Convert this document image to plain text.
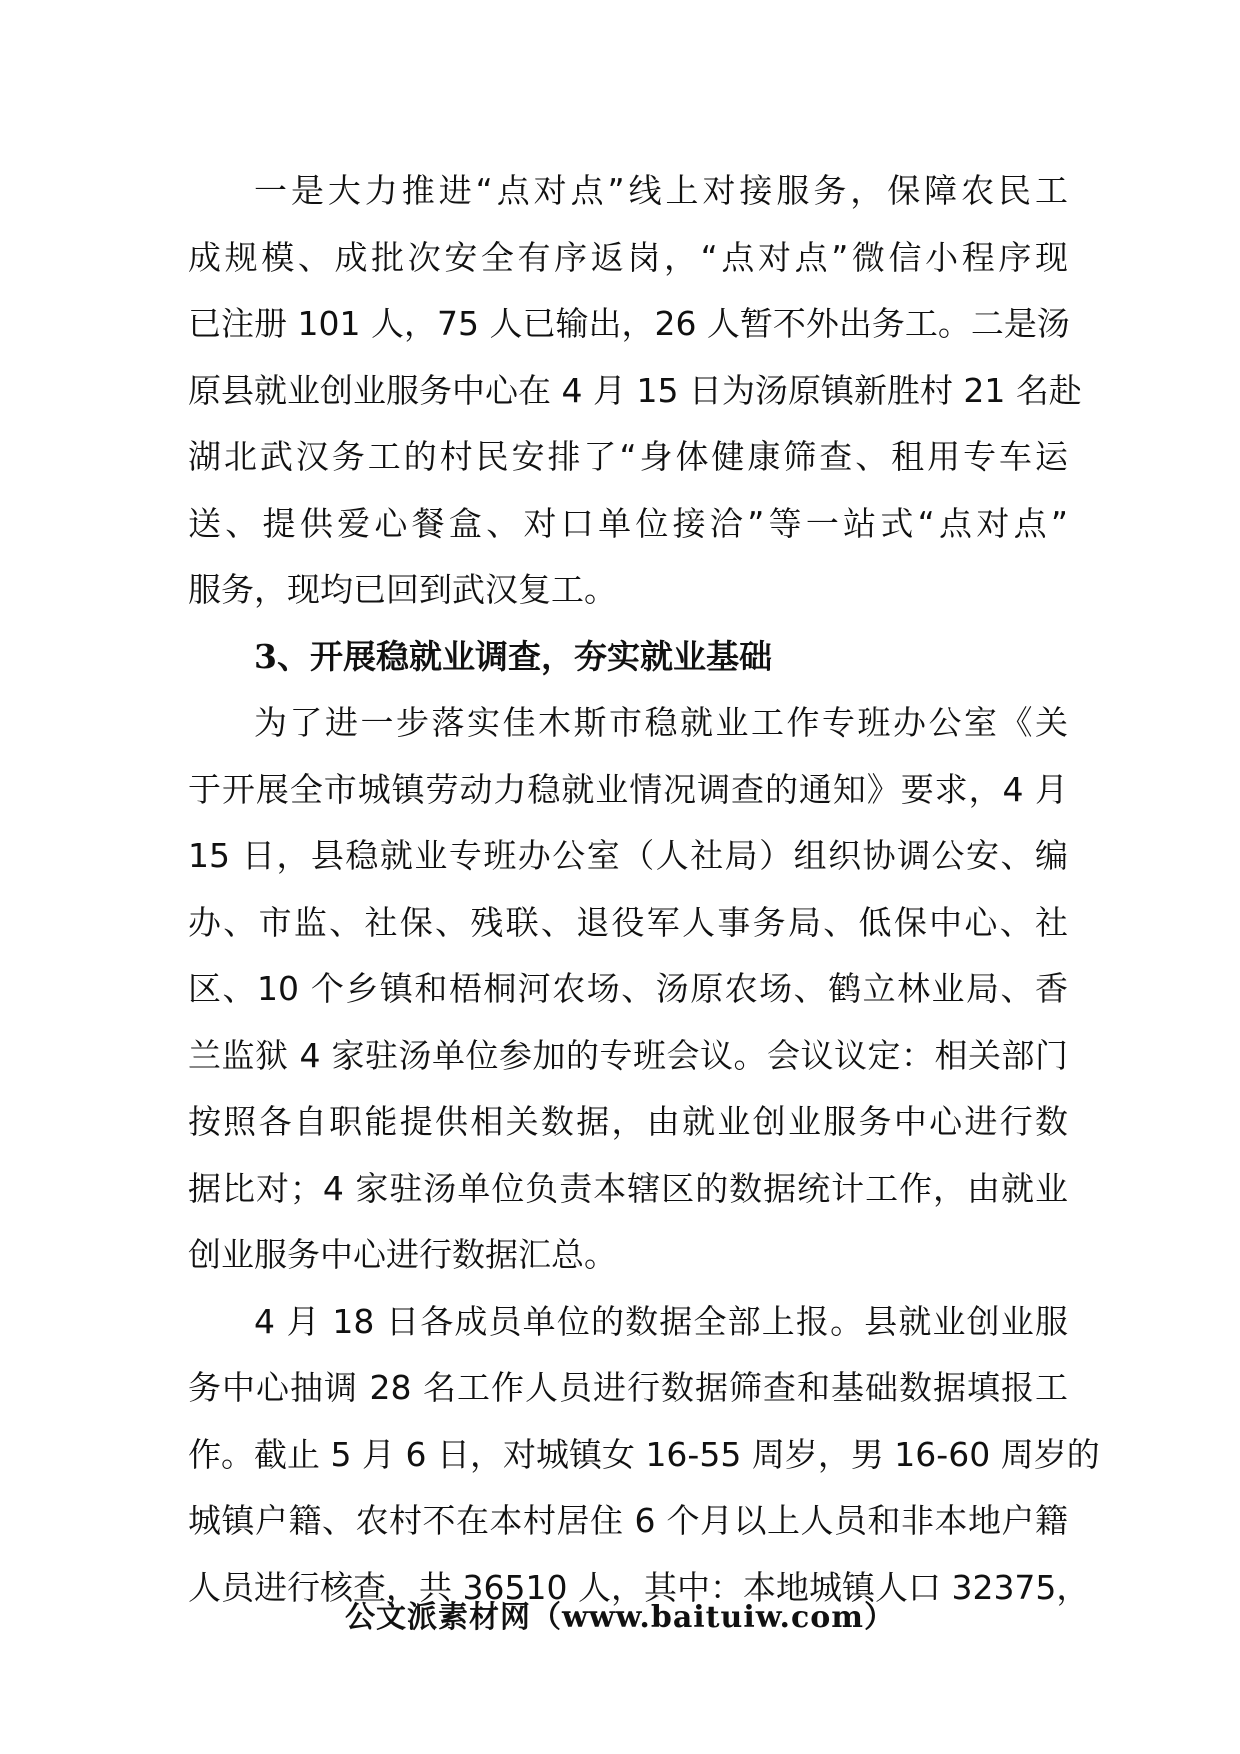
一是大力推进“点对点”线上对接服务，保障农民工
成规模、成批次安全有序返岗，“点对点”微信小程序现
已注册 101 人，75 人已输出，26 人暂不外出务工。二是汤
原县就业创业服务中心在 4 月 15 日为汤原镇新胜村 21 名赴
湖北武汉务工的村民安排了“身体健康筛查、租用专车运
送、提供爱心餐盒、对口单位接洽”等一站式“点对点”
服务，现均已回到武汉复工。
3、开展稳就业调查，夯实就业基础
为了进一步落实佳木斯市稳就业工作专班办公室《关
于开展全市城镇劳动力稳就业情况调查的通知》要求，4 月
15 日，县稳就业专班办公室（人社局）组织协调公安、编
办、市监、社保、残联、退役军人事务局、低保中心、社
区、10 个乡镇和梧桐河农场、汤原农场、鹤立林业局、香
兰监狱 4 家驻汤单位参加的专班会议。会议议定：相关部门
按照各自职能提供相关数据，由就业创业服务中心进行数
据比对；4 家驻汤单位负责本辖区的数据统计工作，由就业
创业服务中心进行数据汇总。
4 月 18 日各成员单位的数据全部上报。县就业创业服
务中心抽调 28 名工作人员进行数据筛查和基础数据填报工
作。截止 5 月 6 日，对城镇女 16-55 周岁，男 16-60 周岁的
城镇户籍、农村不在本村居住 6 个月以上人员和非本地户籍
人员进行核查，共 36510 人，其中：本地城镇人口 32375，
公文派素材网（www.baituiw.com）
